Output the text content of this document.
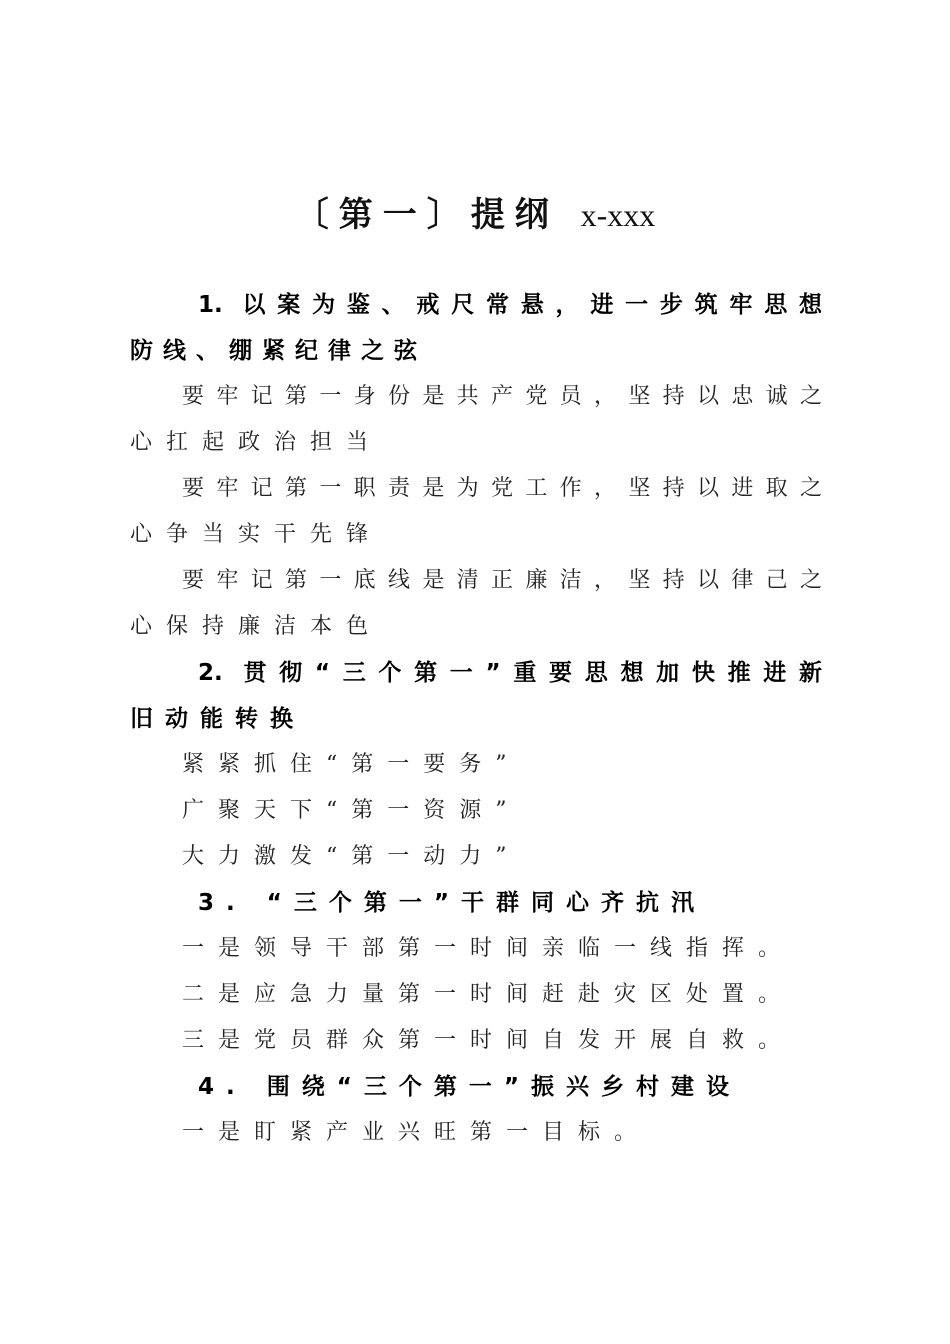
〔第一〕提纲 x-xxx
1. 以案为鉴、戒尺常悬，进一步筑牢思想
防线、绷紧纪律之弦
要牢记第一身份是共产党员，坚持以忠诚之
心扛起政治担当
要牢记第一职责是为党工作，坚持以进取之
心争当实干先锋
要牢记第一底线是清正廉洁，坚持以律己之
心保持廉洁本色
2. 贯彻“三个第一”重要思想加快推进新
旧动能转换
紧紧抓住“第一要务”
广聚天下“第一资源”
大力激发“第一动力”
3. “三个第一”干群同心齐抗汛
一是领导干部第一时间亲临一线指挥。
二是应急力量第一时间赶赴灾区处置。
三是党员群众第一时间自发开展自救。
4. 围绕“三个第一”振兴乡村建设
一是盯紧产业兴旺第一目标。
